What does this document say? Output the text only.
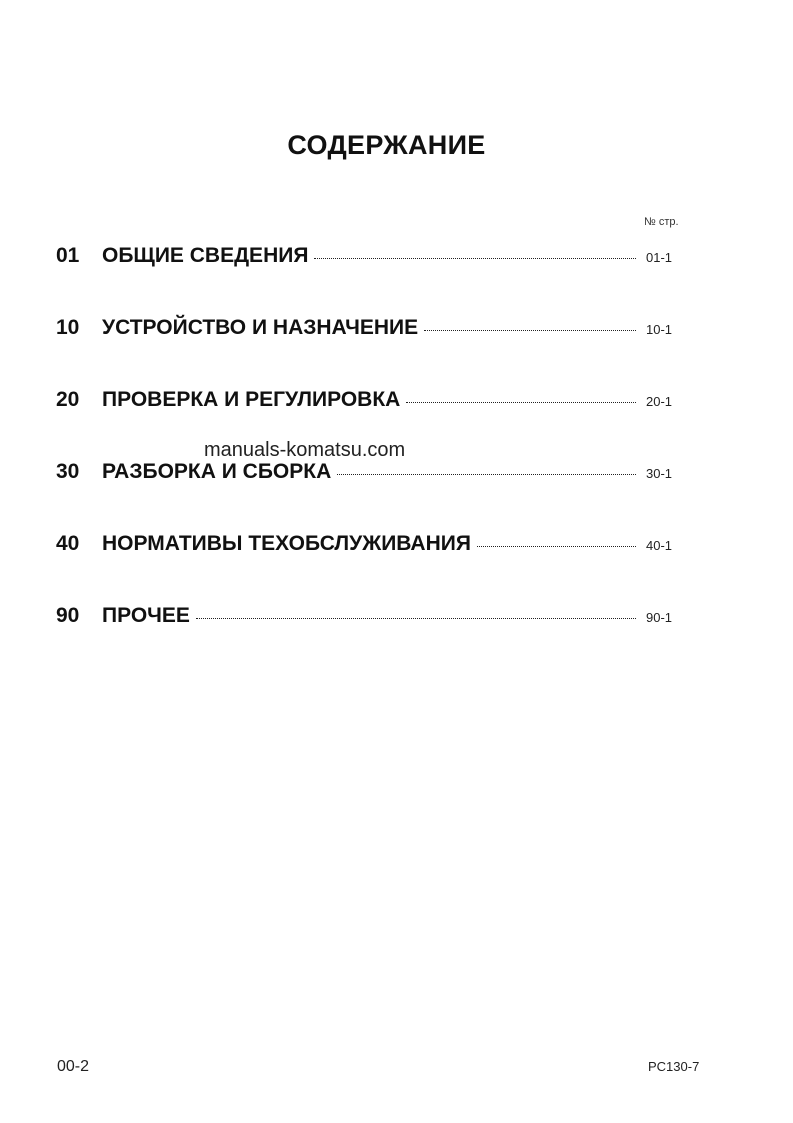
СОДЕРЖАНИЕ
№ стр.
01	ОБЩИЕ СВЕДЕНИЯ	01-1
10	УСТРОЙСТВО И НАЗНАЧЕНИЕ	10-1
20	ПРОВЕРКА И РЕГУЛИРОВКА	20-1
manuals-komatsu.com
30	РАЗБОРКА И СБОРКА	30-1
40	НОРМАТИВЫ ТЕХОБСЛУЖИВАНИЯ	40-1
90	ПРОЧЕЕ	90-1
00-2	PC130-7
